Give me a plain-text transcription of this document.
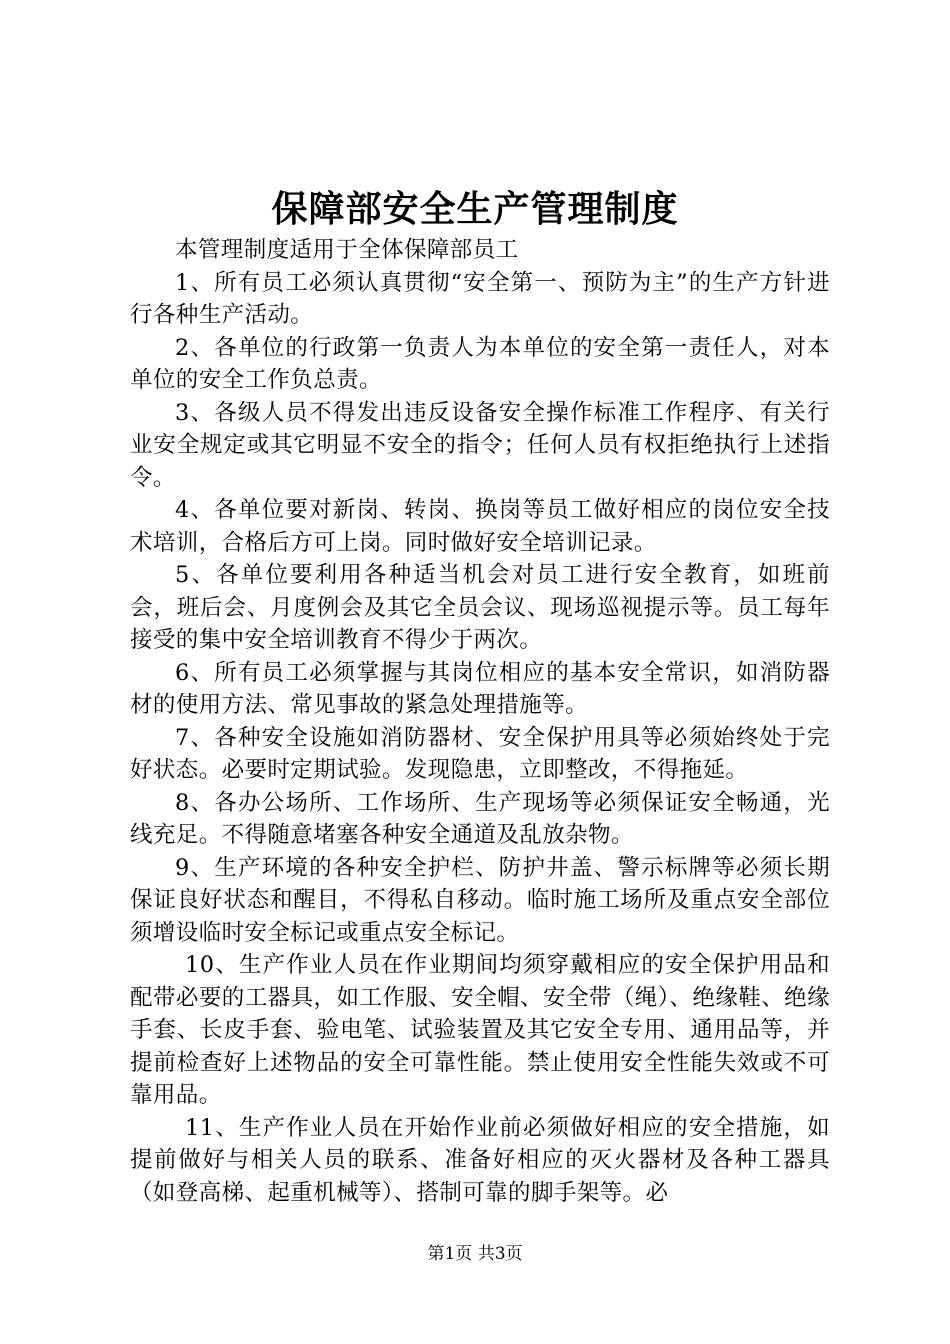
保障部安全生产管理制度

本管理制度适用于全体保障部员工

1、所有员工必须认真贯彻“安全第一、预防为主”的生产方针进行各种生产活动。

2、各单位的行政第一负责人为本单位的安全第一责任人，对本单位的安全工作负总责。

3、各级人员不得发出违反设备安全操作标准工作程序、有关行业安全规定或其它明显不安全的指令；任何人员有权拒绝执行上述指令。

4、各单位要对新岗、转岗、换岗等员工做好相应的岗位安全技术培训，合格后方可上岗。同时做好安全培训记录。

5、各单位要利用各种适当机会对员工进行安全教育，如班前会，班后会、月度例会及其它全员会议、现场巡视提示等。员工每年接受的集中安全培训教育不得少于两次。

6、所有员工必须掌握与其岗位相应的基本安全常识，如消防器材的使用方法、常见事故的紧急处理措施等。

7、各种安全设施如消防器材、安全保护用具等必须始终处于完好状态。必要时定期试验。发现隐患，立即整改，不得拖延。

8、各办公场所、工作场所、生产现场等必须保证安全畅通，光线充足。不得随意堵塞各种安全通道及乱放杂物。

9、生产环境的各种安全护栏、防护井盖、警示标牌等必须长期保证良好状态和醒目，不得私自移动。临时施工场所及重点安全部位须增设临时安全标记或重点安全标记。

10、生产作业人员在作业期间均须穿戴相应的安全保护用品和配带必要的工器具，如工作服、安全帽、安全带（绳）、绝缘鞋、绝缘手套、长皮手套、验电笔、试验装置及其它安全专用、通用品等，并提前检查好上述物品的安全可靠性能。禁止使用安全性能失效或不可靠用品。

11、生产作业人员在开始作业前必须做好相应的安全措施，如提前做好与相关人员的联系、准备好相应的灭火器材及各种工器具（如登高梯、起重机械等）、搭制可靠的脚手架等。必

第1页 共3页
